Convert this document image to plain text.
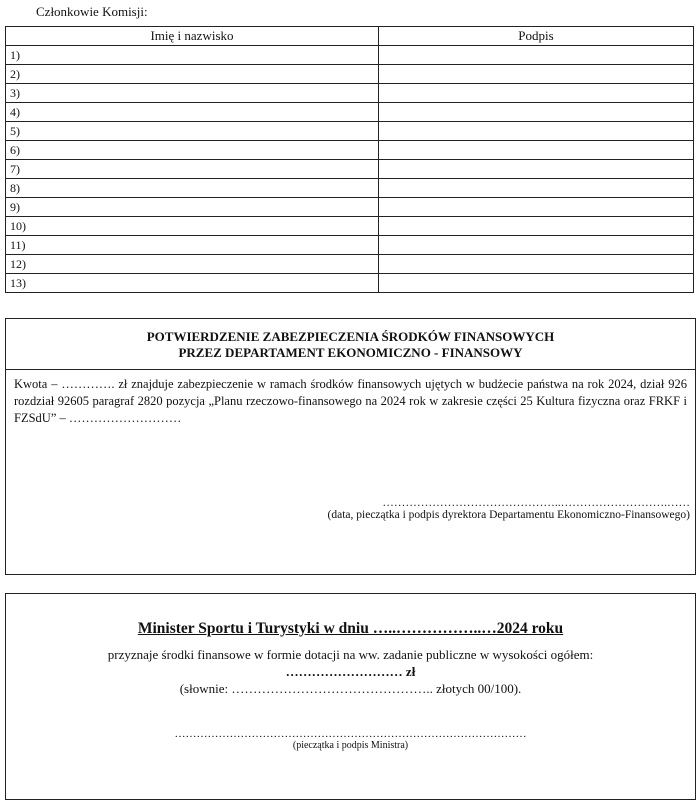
Członkowie Komisji:
Imię i nazwisko	Podpis
1)	
2)	
3)	
4)	
5)	
6)	
7)	
8)	
9)	
10)	
11)	
12)	
13)	
POTWIERDZENIE ZABEZPIECZENIA ŚRODKÓW FINANSOWYCH
PRZEZ DEPARTAMENT EKONOMICZNO - FINANSOWY
Kwota – …………. zł znajduje zabezpieczenie w ramach środków finansowych ujętych w budżecie państwa na rok 2024, dział 926 rozdział 92605 paragraf 2820 pozycja „Planu rzeczowo-finansowego na 2024 rok w zakresie części 25 Kultura fizyczna oraz FRKF i FZSdU” – ………………………
………………………………………..……………………….……
(data, pieczątka i podpis dyrektora Departamentu Ekonomiczno-Finansowego)
Minister Sportu i Turystyki w dniu …..……………..…2024 roku
przyznaje środki finansowe w formie dotacji na ww. zadanie publiczne w wysokości ogółem:
……………………… zł
(słownie: ……………………………………….. złotych 00/100).
……………………………………………………………………………………
(pieczątka i podpis Ministra)
